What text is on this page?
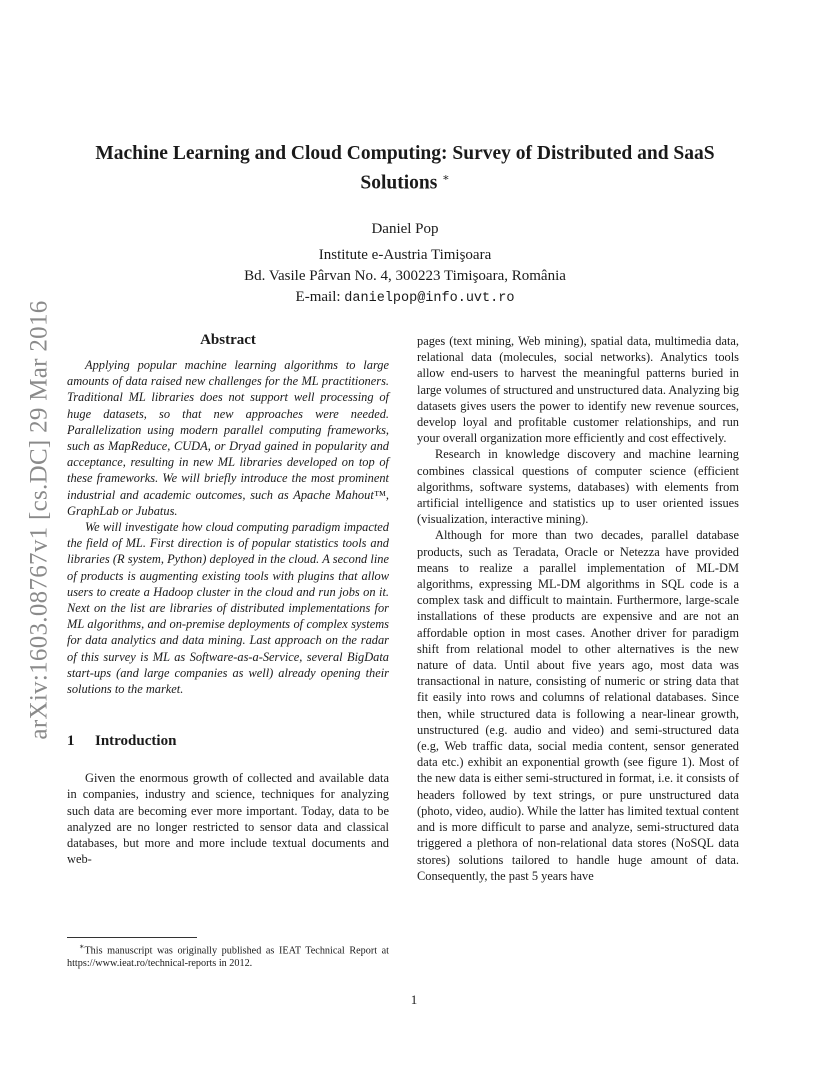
arXiv:1603.08767v1 [cs.DC] 29 Mar 2016
Machine Learning and Cloud Computing: Survey of Distributed and SaaS Solutions ∗
Daniel Pop
Institute e-Austria Timişoara
Bd. Vasile Pârvan No. 4, 300223 Timişoara, România
E-mail: danielpop@info.uvt.ro
Abstract

Applying popular machine learning algorithms to large amounts of data raised new challenges for the ML practitioners. Traditional ML libraries does not support well processing of huge datasets, so that new approaches were needed. Parallelization using modern parallel computing frameworks, such as MapReduce, CUDA, or Dryad gained in popularity and acceptance, resulting in new ML libraries developed on top of these frameworks. We will briefly introduce the most prominent industrial and academic outcomes, such as Apache Mahout™, GraphLab or Jubatus.

We will investigate how cloud computing paradigm impacted the field of ML. First direction is of popular statistics tools and libraries (R system, Python) deployed in the cloud. A second line of products is augmenting existing tools with plugins that allow users to create a Hadoop cluster in the cloud and run jobs on it. Next on the list are libraries of distributed implementations for ML algorithms, and on-premise deployments of complex systems for data analytics and data mining. Last approach on the radar of this survey is ML as Software-as-a-Service, several BigData start-ups (and large companies as well) already opening their solutions to the market.

1 Introduction

Given the enormous growth of collected and available data in companies, industry and science, techniques for analyzing such data are becoming ever more important. Today, data to be analyzed are no longer restricted to sensor data and classical databases, but more and more include textual documents and web-

pages (text mining, Web mining), spatial data, multimedia data, relational data (molecules, social networks). Analytics tools allow end-users to harvest the meaningful patterns buried in large volumes of structured and unstructured data. Analyzing big datasets gives users the power to identify new revenue sources, develop loyal and profitable customer relationships, and run your overall organization more efficiently and cost effectively.

Research in knowledge discovery and machine learning combines classical questions of computer science (efficient algorithms, software systems, databases) with elements from artificial intelligence and statistics up to user oriented issues (visualization, interactive mining).

Although for more than two decades, parallel database products, such as Teradata, Oracle or Netezza have provided means to realize a parallel implementation of ML-DM algorithms, expressing ML-DM algorithms in SQL code is a complex task and difficult to maintain. Furthermore, large-scale installations of these products are expensive and are not an affordable option in most cases. Another driver for paradigm shift from relational model to other alternatives is the new nature of data. Until about five years ago, most data was transactional in nature, consisting of numeric or string data that fit easily into rows and columns of relational databases. Since then, while structured data is following a near-linear growth, unstructured (e.g. audio and video) and semi-structured data (e.g, Web traffic data, social media content, sensor generated data etc.) exhibit an exponential growth (see figure 1). Most of the new data is either semi-structured in format, i.e. it consists of headers followed by text strings, or pure unstructured data (photo, video, audio). While the latter has limited textual content and is more difficult to parse and analyze, semi-structured data triggered a plethora of non-relational data stores (NoSQL data stores) solutions tailored to handle huge amount of data. Consequently, the past 5 years have

∗This manuscript was originally published as IEAT Technical Report at https://www.ieat.ro/technical-reports in 2012.
1
